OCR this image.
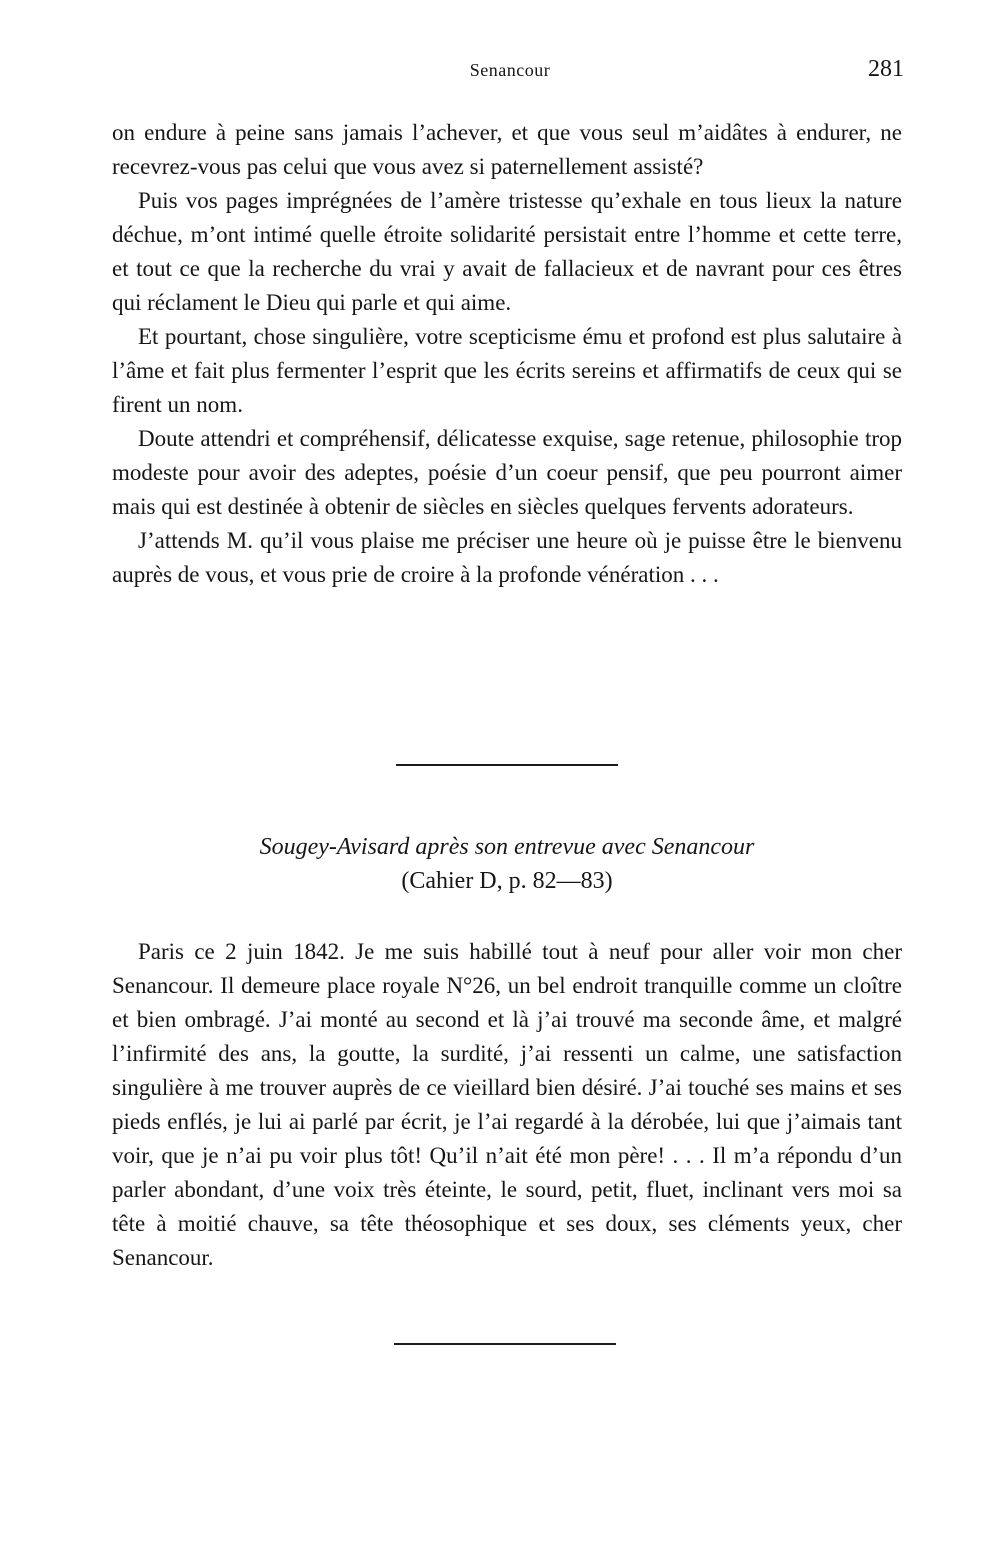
Senancour	281

on endure à peine sans jamais l’achever, et que vous seul m’aidâtes à endurer, ne recevrez-vous pas celui que vous avez si paternellement assisté?

Puis vos pages imprégnées de l’amère tristesse qu’exhale en tous lieux la nature déchue, m’ont intimé quelle étroite solidarité persistait entre l’homme et cette terre, et tout ce que la recherche du vrai y avait de fallacieux et de navrant pour ces êtres qui réclament le Dieu qui parle et qui aime.

Et pourtant, chose singulière, votre scepticisme ému et profond est plus salutaire à l’âme et fait plus fermenter l’esprit que les écrits sereins et affirmatifs de ceux qui se firent un nom.

Doute attendri et compréhensif, délicatesse exquise, sage retenue, philosophie trop modeste pour avoir des adeptes, poésie d’un coeur pensif, que peu pourront aimer mais qui est destinée à obtenir de siècles en siècles quelques fervents adorateurs.

J’attends M. qu’il vous plaise me préciser une heure où je puisse être le bienvenu auprès de vous, et vous prie de croire à la profonde vénération . . .

Sougey-Avisard après son entrevue avec Senancour
(Cahier D, p. 82—83)

Paris ce 2 juin 1842. Je me suis habillé tout à neuf pour aller voir mon cher Senancour. Il demeure place royale N°26, un bel endroit tranquille comme un cloître et bien ombragé. J’ai monté au second et là j’ai trouvé ma seconde âme, et malgré l’infirmité des ans, la goutte, la surdité, j’ai ressenti un calme, une satisfaction singulière à me trouver auprès de ce vieillard bien désiré. J’ai touché ses mains et ses pieds enflés, je lui ai parlé par écrit, je l’ai regardé à la dérobée, lui que j’aimais tant voir, que je n’ai pu voir plus tôt! Qu’il n’ait été mon père! . . . Il m’a répondu d’un parler abondant, d’une voix très éteinte, le sourd, petit, fluet, inclinant vers moi sa tête à moitié chauve, sa tête théosophique et ses doux, ses cléments yeux, cher Senancour.
